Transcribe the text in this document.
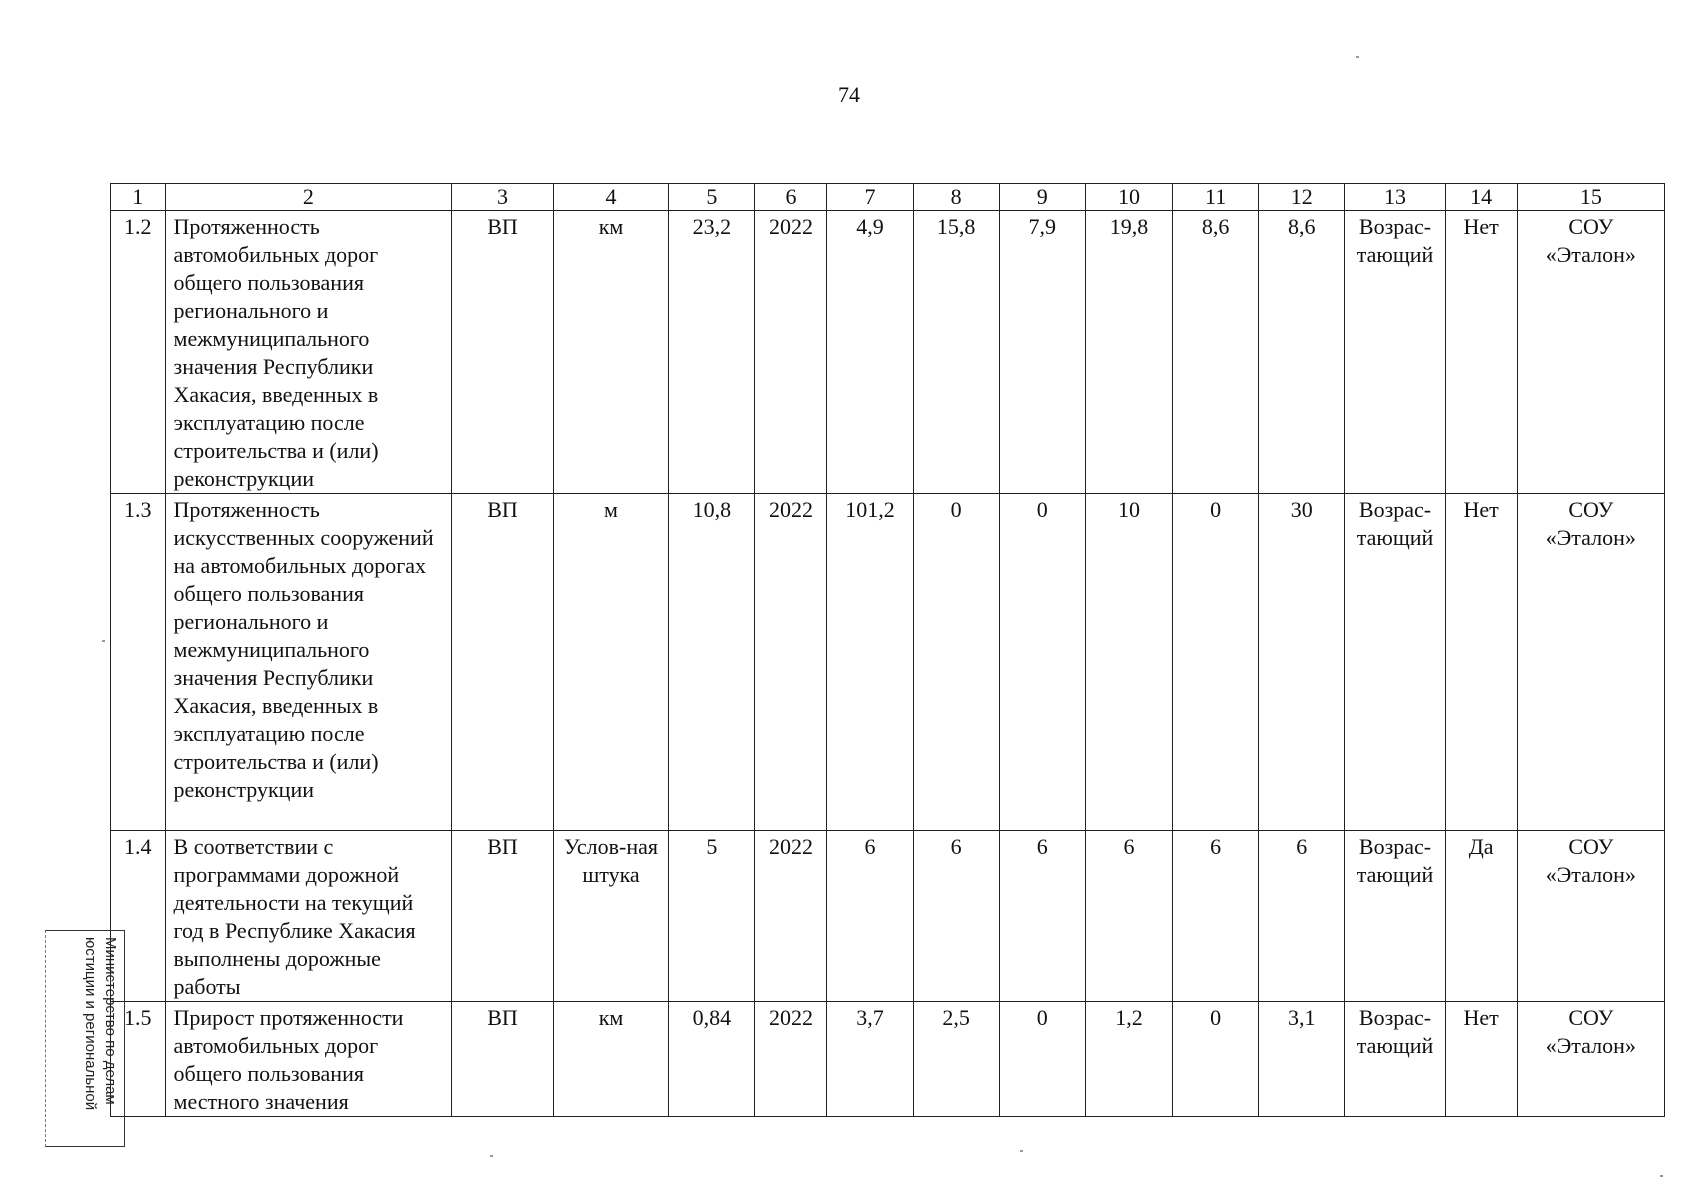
74
1	2	3	4	5	6	7	8	9	10	11	12	13	14	15
1.2	Протяженность автомобильных дорог общего пользования регионального и межмуниципального значения Республики Хакасия, введенных в эксплуатацию после строительства и (или) реконструкции	ВП	км	23,2	2022	4,9	15,8	7,9	19,8	8,6	8,6	Возрас-тающий	Нет	СОУ «Эталон»
1.3	Протяженность искусственных сооружений на автомобильных дорогах общего пользования регионального и межмуниципального значения Республики Хакасия, введенных в эксплуатацию после строительства и (или) реконструкции	ВП	м	10,8	2022	101,2	0	0	10	0	30	Возрас-тающий	Нет	СОУ «Эталон»
1.4	В соответствии с программами дорожной деятельности на текущий год в Республике Хакасия выполнены дорожные работы	ВП	Услов-ная штука	5	2022	6	6	6	6	6	6	Возрас-тающий	Да	СОУ «Эталон»
1.5	Прирост протяженности автомобильных дорог общего пользования местного значения	ВП	км	0,84	2022	3,7	2,5	0	1,2	0	3,1	Возрас-тающий	Нет	СОУ «Эталон»
Министерство по делам
юстиции и региональной
